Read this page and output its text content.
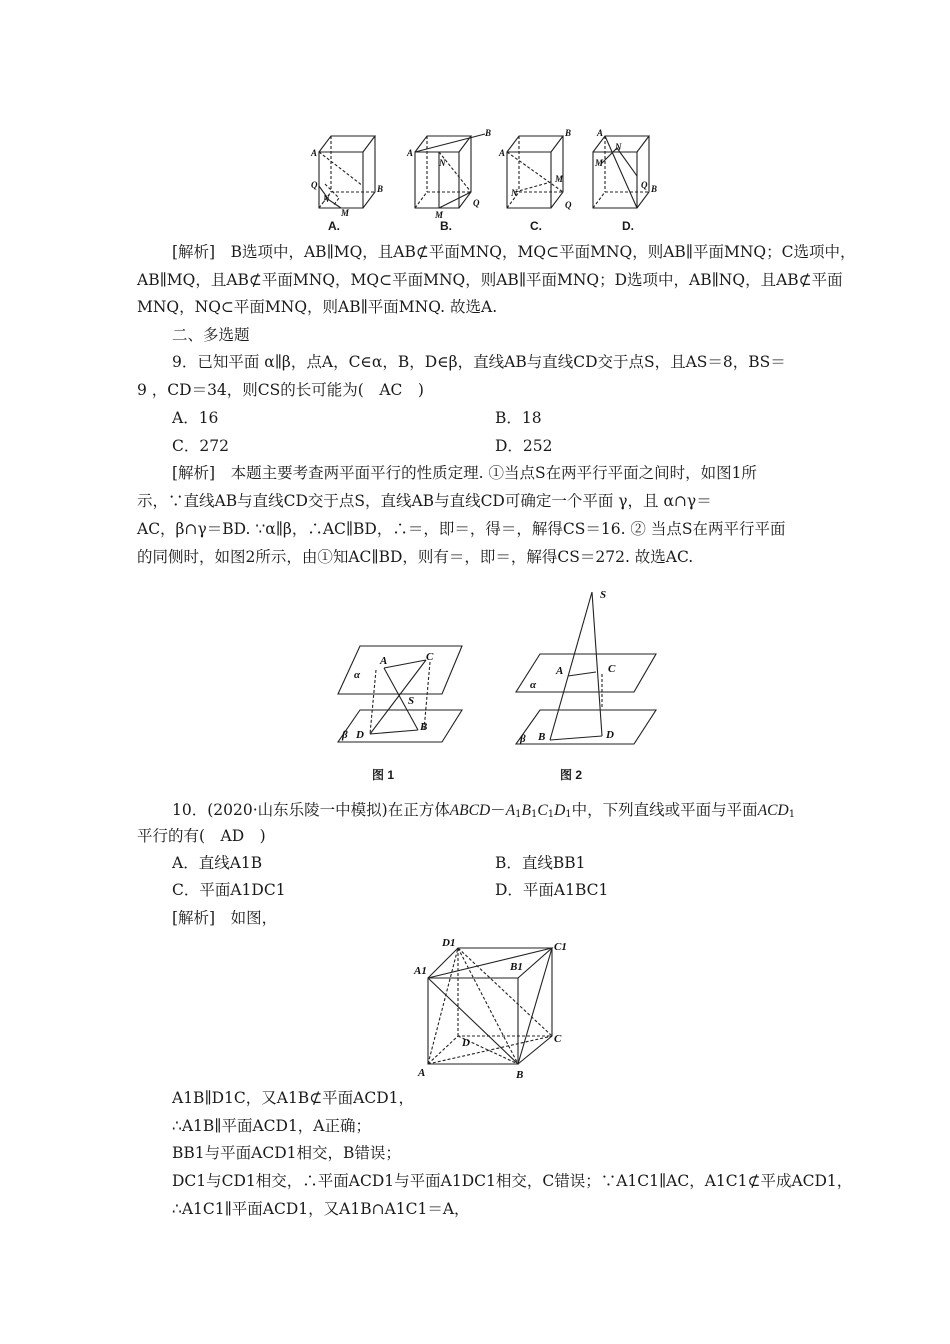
A
B
Q
N
M
A
B
N
M
Q
A
B
N
M
Q
A
M
N
Q B
A.	B.	C.	D.
[解析]　B选项中，AB∥MQ，且AB⊄平面MNQ，MQ⊂平面MNQ，则AB∥平面MNQ；C选项中，
AB∥MQ，且AB⊄平面MNQ，MQ⊂平面MNQ，则AB∥平面MNQ；D选项中，AB∥NQ，且AB⊄平面
MNQ，NQ⊂平面MNQ，则AB∥平面MNQ. 故选A.
二、多选题
9．已知平面 α∥β，点A，C∈α，B，D∈β，直线AB与直线CD交于点S，且AS＝8，BS＝
9 ，CD＝34，则CS的长可能为(　AC　)
A．16	B．18
C．272	D．252
[解析]　本题主要考查两平面平行的性质定理. ①当点S在两平行平面之间时，如图1所
示，∵直线AB与直线CD交于点S，直线AB与直线CD可确定一个平面 γ，且 α∩γ＝
AC，β∩γ＝BD. ∵α∥β，∴AC∥BD，∴＝，即＝，得＝，解得CS＝16. ② 当点S在两平行平面
的同侧时，如图2所示，由①知AC∥BD，则有＝，即＝，解得CS＝272. 故选AC.
A	C
S
B
D
α
β
S
A	C
α
β B	D
图 1	图 2
10．(2020·山东乐陵一中模拟)在正方体$ABCD-A_1B_1C_1D_1$中，下列直线或平面与平面$ACD_1$
平行的有(　AD　)
A．直线A1B	B．直线BB1
C．平面A1DC1	D．平面A1BC1
[解析]　如图，
D1	C1
A1	B1
D	C
A	B
A1B∥D1C，又A1B⊄平面ACD1，
∴A1B∥平面ACD1，A正确；
BB1与平面ACD1相交，B错误；
DC1与CD1相交，∴平面ACD1与平面A1DC1相交，C错误；∵A1C1∥AC，A1C1⊄平成ACD1，
∴A1C1∥平面ACD1，又A1B∩A1C1＝A，
